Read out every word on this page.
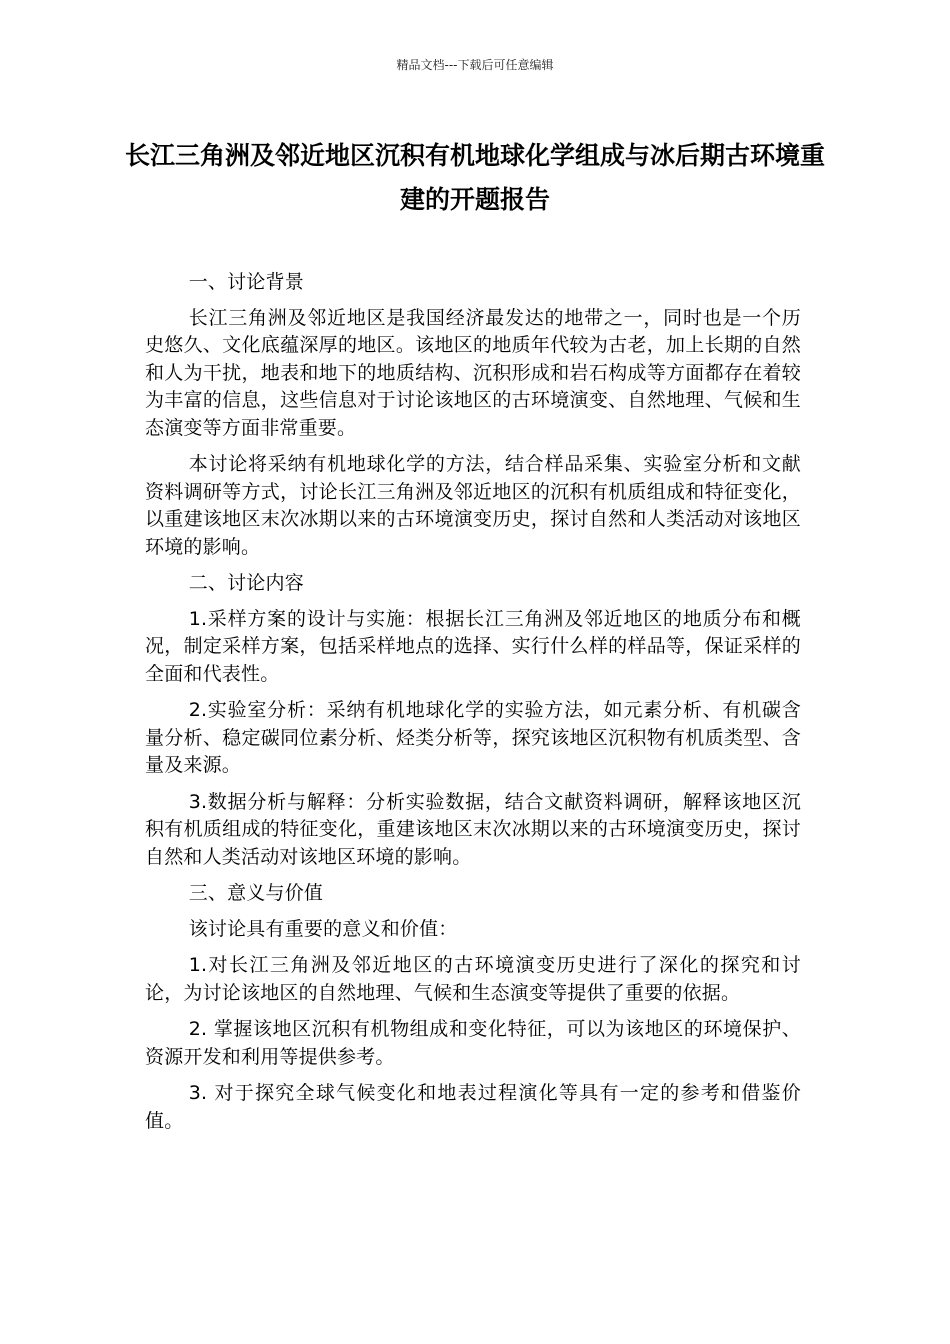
精品文档---下载后可任意编辑
长江三角洲及邻近地区沉积有机地球化学组成与冰后期古环境重建的开题报告

一、讨论背景

长江三角洲及邻近地区是我国经济最发达的地带之一，同时也是一个历史悠久、文化底蕴深厚的地区。该地区的地质年代较为古老，加上长期的自然和人为干扰，地表和地下的地质结构、沉积形成和岩石构成等方面都存在着较为丰富的信息，这些信息对于讨论该地区的古环境演变、自然地理、气候和生态演变等方面非常重要。

本讨论将采纳有机地球化学的方法，结合样品采集、实验室分析和文献资料调研等方式，讨论长江三角洲及邻近地区的沉积有机质组成和特征变化，以重建该地区末次冰期以来的古环境演变历史，探讨自然和人类活动对该地区环境的影响。

二、讨论内容

1.采样方案的设计与实施：根据长江三角洲及邻近地区的地质分布和概况，制定采样方案，包括采样地点的选择、实行什么样的样品等，保证采样的全面和代表性。

2.实验室分析：采纳有机地球化学的实验方法，如元素分析、有机碳含量分析、稳定碳同位素分析、烃类分析等，探究该地区沉积物有机质类型、含量及来源。

3.数据分析与解释：分析实验数据，结合文献资料调研，解释该地区沉积有机质组成的特征变化，重建该地区末次冰期以来的古环境演变历史，探讨自然和人类活动对该地区环境的影响。

三、意义与价值

该讨论具有重要的意义和价值：

1.对长江三角洲及邻近地区的古环境演变历史进行了深化的探究和讨论，为讨论该地区的自然地理、气候和生态演变等提供了重要的依据。

2. 掌握该地区沉积有机物组成和变化特征，可以为该地区的环境保护、资源开发和利用等提供参考。

3. 对于探究全球气候变化和地表过程演化等具有一定的参考和借鉴价值。
